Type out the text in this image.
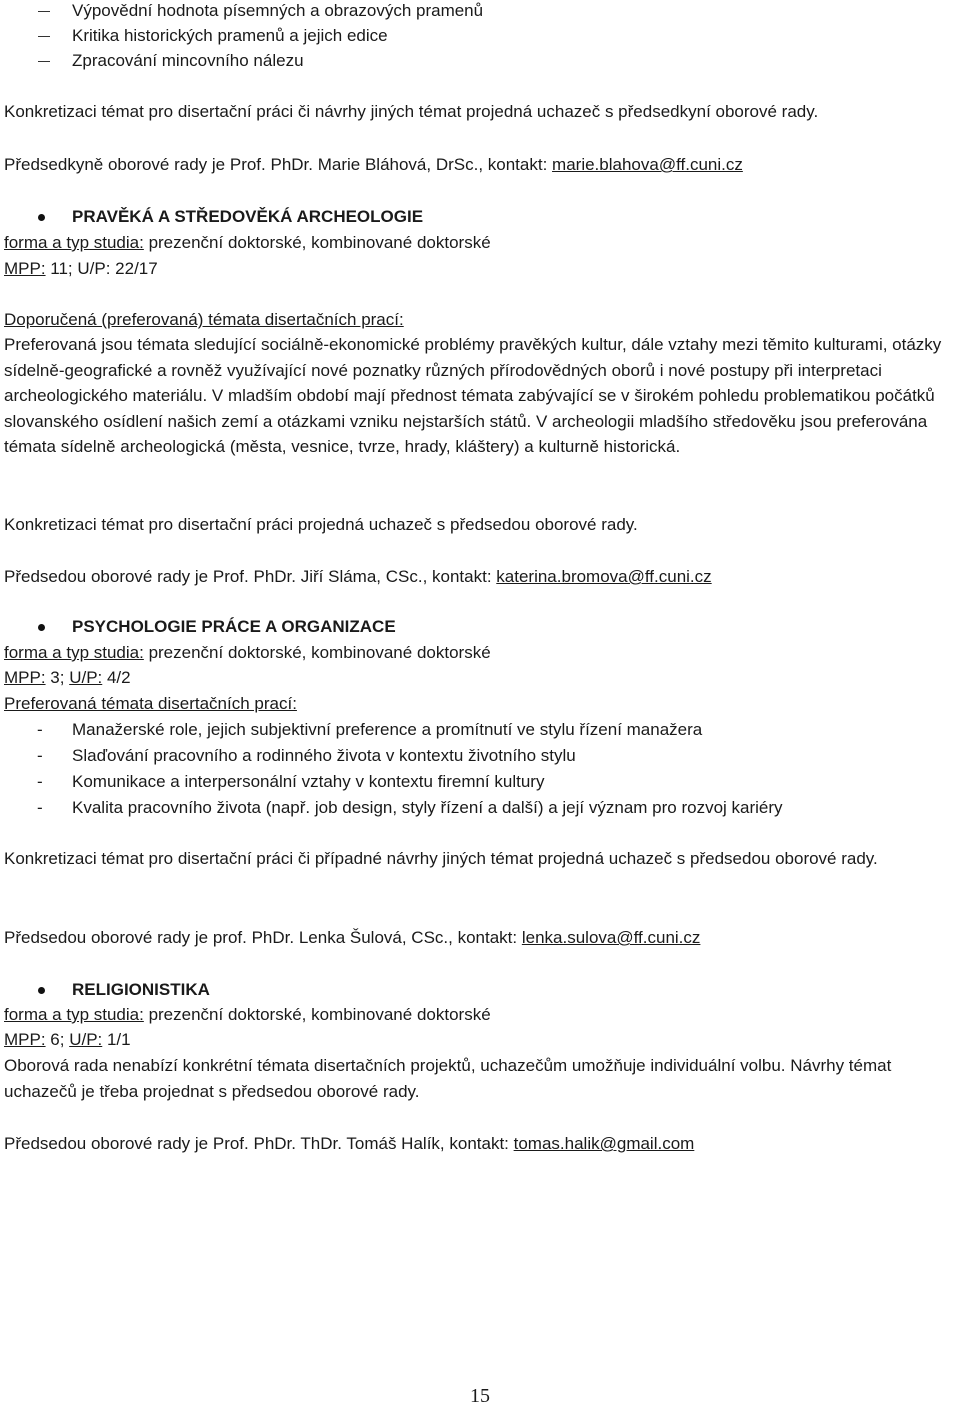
Výpovědní hodnota písemných a obrazových pramenů
Kritika historických pramenů a jejich edice
Zpracování mincovního nálezu
Konkretizaci témat pro disertační práci či návrhy jiných témat projedná uchazeč s předsedkyní oborové rady.
Předsedkyně oborové rady je Prof. PhDr. Marie Bláhová, DrSc., kontakt: marie.blahova@ff.cuni.cz
PRAVĚKÁ A STŘEDOVĚKÁ ARCHEOLOGIE
forma a typ studia: prezenční doktorské, kombinované doktorské
MPP: 11; U/P: 22/17
Doporučená (preferovaná) témata disertačních prací:
Preferovaná jsou témata sledující sociálně-ekonomické problémy pravěkých kultur, dále vztahy mezi těmito kulturami, otázky sídelně-geografické a rovněž využívající nové poznatky různých přírodovědných oborů i nové postupy při interpretaci archeologického materiálu. V mladším období mají přednost témata zabývající se v širokém pohledu problematikou počátků slovanského osídlení našich zemí a otázkami vzniku nejstarších států. V archeologii mladšího středověku jsou preferována témata sídelně archeologická (města, vesnice, tvrze, hrady, kláštery) a kulturně historická.
Konkretizaci témat pro disertační práci projedná uchazeč s předsedou oborové rady.
Předsedou oborové rady je Prof. PhDr. Jiří Sláma, CSc., kontakt: katerina.bromova@ff.cuni.cz
PSYCHOLOGIE PRÁCE A ORGANIZACE
forma a typ studia: prezenční doktorské, kombinované doktorské
MPP: 3; U/P: 4/2
Preferovaná témata disertačních prací:
- Manažerské role, jejich subjektivní preference a promítnutí ve stylu řízení manažera
- Slaďování pracovního a rodinného života v kontextu životního stylu
- Komunikace a interpersonální vztahy v kontextu firemní kultury
- Kvalita pracovního života (např. job design, styly řízení a další) a její význam pro rozvoj kariéry
Konkretizaci témat pro disertační práci či případné návrhy jiných témat projedná uchazeč s předsedou oborové rady.
Předsedou oborové rady je prof. PhDr. Lenka Šulová, CSc., kontakt: lenka.sulova@ff.cuni.cz
RELIGIONISTIKA
forma a typ studia: prezenční doktorské, kombinované doktorské
MPP: 6; U/P: 1/1
Oborová rada nenabízí konkrétní témata disertačních projektů, uchazečům umožňuje individuální volbu. Návrhy témat uchazečů je třeba projednat s předsedou oborové rady.
Předsedou oborové rady je Prof. PhDr. ThDr. Tomáš Halík, kontakt: tomas.halik@gmail.com
15
